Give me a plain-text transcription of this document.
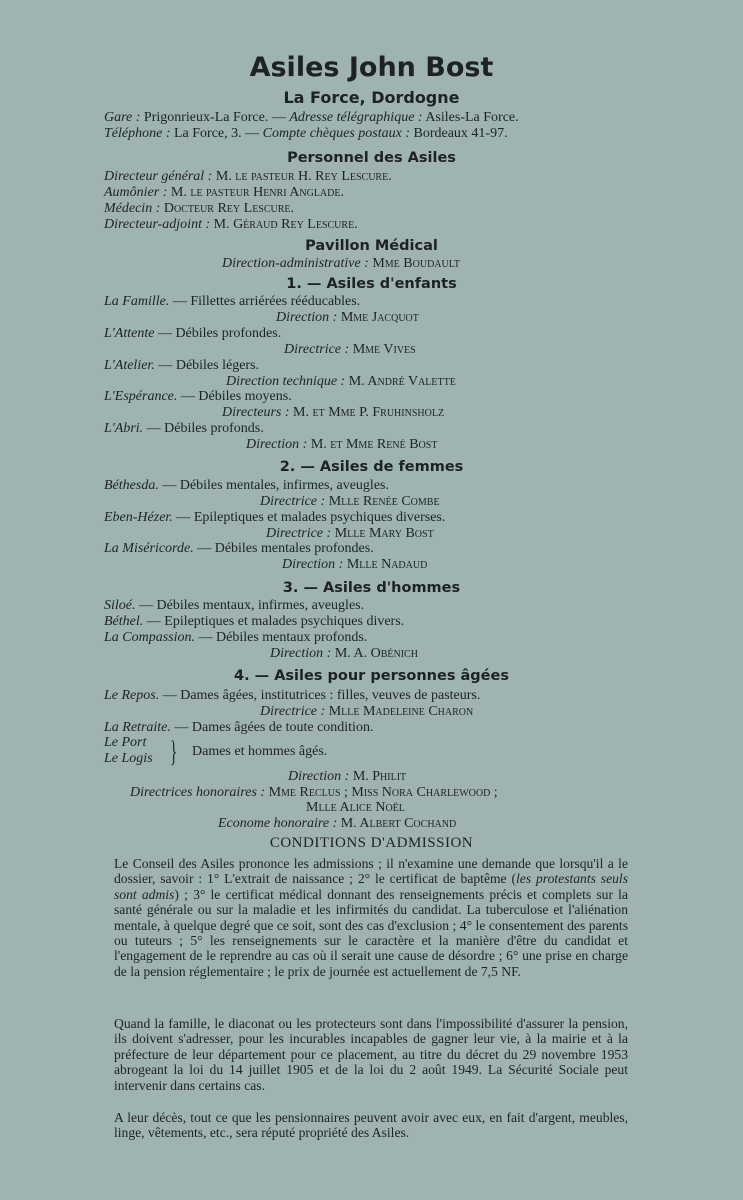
Asiles John Bost
La Force, Dordogne
Gare : Prigonrieux-La Force. — Adresse télégraphique : Asiles-La Force.
Téléphone : La Force, 3. — Compte chèques postaux : Bordeaux 41-97.
Personnel des Asiles
Directeur général : M. le pasteur H. Rey Lescure.
Aumônier : M. le pasteur Henri Anglade.
Médecin : Docteur Rey Lescure.
Directeur-adjoint : M. Géraud Rey Lescure.
Pavillon Médical
Direction-administrative : Mme Boudault
1. — Asiles d'enfants
La Famille. — Fillettes arriérées rééducables.
Direction : Mme Jacquot
L'Attente — Débiles profondes.
Directrice : Mme Vives
L'Atelier. — Débiles légers.
Direction technique : M. André Valette
L'Espérance. — Débiles moyens.
Directeurs : M. et Mme P. Fruhinsholz
L'Abri. — Débiles profonds.
Direction : M. et Mme René Bost
2. — Asiles de femmes
Béthesda. — Débiles mentales, infirmes, aveugles.
Directrice : Mlle Renée Combe
Eben-Hézer. — Epileptiques et malades psychiques diverses.
Directrice : Mlle Mary Bost
La Miséricorde. — Débiles mentales profondes.
Direction : Mlle Nadaud
3. — Asiles d'hommes
Siloé. — Débiles mentaux, infirmes, aveugles.
Béthel. — Epileptiques et malades psychiques divers.
La Compassion. — Débiles mentaux profonds.
Direction : M. A. Obénich
4. — Asiles pour personnes âgées
Le Repos. — Dames âgées, institutrices : filles, veuves de pasteurs.
Directrice : Mlle Madeleine Charon
La Retraite. — Dames âgées de toute condition.
Le Port
Le Logis } Dames et hommes âgés.
Direction : M. Philit
Directrices honoraires : Mme Reclus ; Miss Nora Charlewood ;
Mlle Alice Noël
Econome honoraire : M. Albert Cochand
CONDITIONS D'ADMISSION
Le Conseil des Asiles prononce les admissions ; il n'examine une demande que lorsqu'il a le dossier, savoir : 1° L'extrait de naissance ; 2° le certificat de baptême (les protestants seuls sont admis) ; 3° le certificat médical donnant des renseignements précis et complets sur la santé générale ou sur la maladie et les infirmités du candidat. La tuberculose et l'aliénation mentale, à quelque degré que ce soit, sont des cas d'exclusion ; 4° le consentement des parents ou tuteurs ; 5° les renseignements sur le caractère et la manière d'être du candidat et l'engagement de le reprendre au cas où il serait une cause de désordre ; 6° une prise en charge de la pension réglementaire ; le prix de journée est actuellement de 7,5 NF.
Quand la famille, le diaconat ou les protecteurs sont dans l'impossibilité d'assurer la pension, ils doivent s'adresser, pour les incurables incapables de gagner leur vie, à la mairie et à la préfecture de leur département pour ce placement, au titre du décret du 29 novembre 1953 abrogeant la loi du 14 juillet 1905 et de la loi du 2 août 1949. La Sécurité Sociale peut intervenir dans certains cas.
A leur décès, tout ce que les pensionnaires peuvent avoir avec eux, en fait d'argent, meubles, linge, vêtements, etc., sera réputé propriété des Asiles.
